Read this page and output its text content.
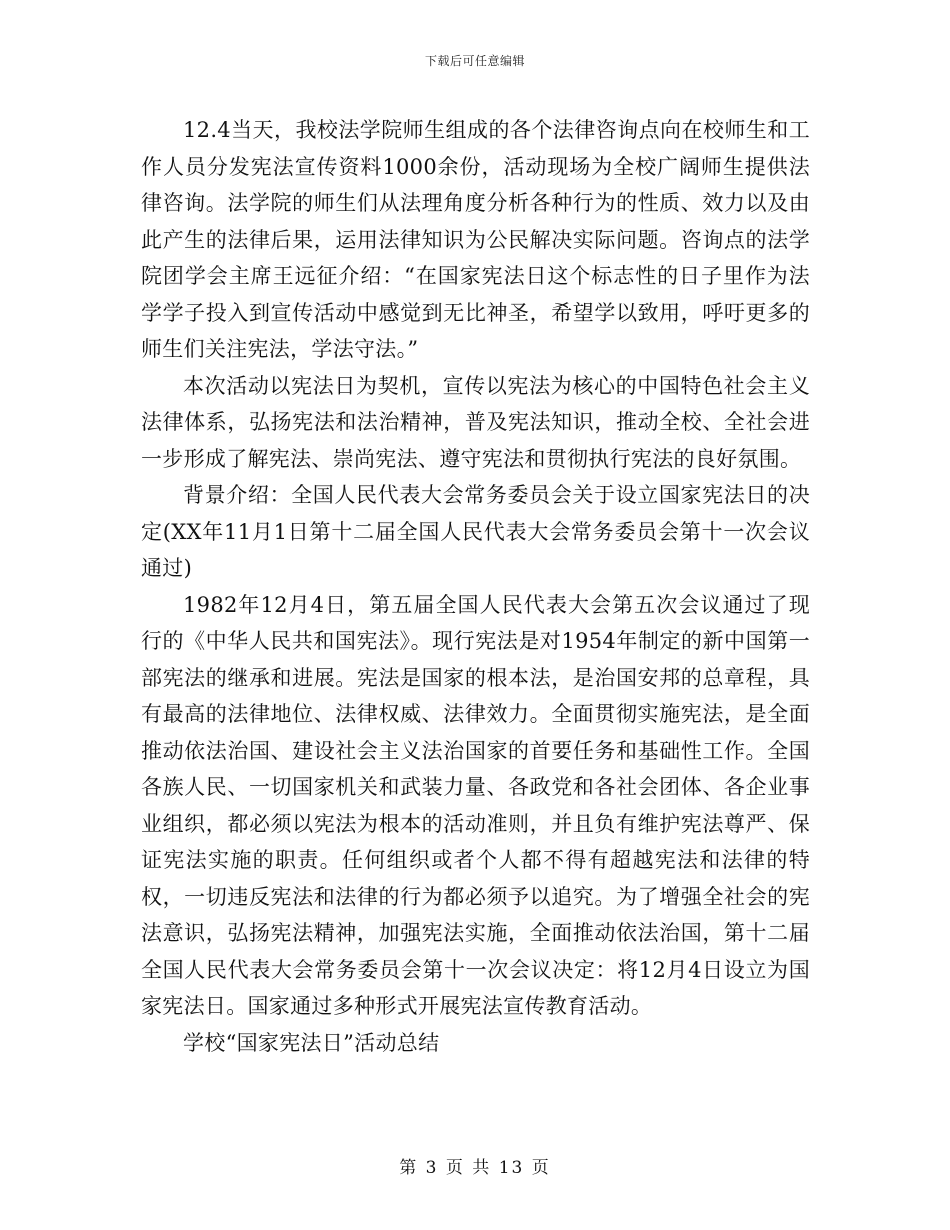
下载后可任意编辑

12.4当天，我校法学院师生组成的各个法律咨询点向在校师生和工作人员分发宪法宣传资料1000余份，活动现场为全校广阔师生提供法律咨询。法学院的师生们从法理角度分析各种行为的性质、效力以及由此产生的法律后果，运用法律知识为公民解决实际问题。咨询点的法学院团学会主席王远征介绍：“在国家宪法日这个标志性的日子里作为法学学子投入到宣传活动中感觉到无比神圣，希望学以致用，呼吁更多的师生们关注宪法，学法守法。”

本次活动以宪法日为契机，宣传以宪法为核心的中国特色社会主义法律体系，弘扬宪法和法治精神，普及宪法知识，推动全校、全社会进一步形成了解宪法、崇尚宪法、遵守宪法和贯彻执行宪法的良好氛围。

背景介绍：全国人民代表大会常务委员会关于设立国家宪法日的决定(XX年11月1日第十二届全国人民代表大会常务委员会第十一次会议通过)

1982年12月4日，第五届全国人民代表大会第五次会议通过了现行的《中华人民共和国宪法》。现行宪法是对1954年制定的新中国第一部宪法的继承和进展。宪法是国家的根本法，是治国安邦的总章程，具有最高的法律地位、法律权威、法律效力。全面贯彻实施宪法，是全面推动依法治国、建设社会主义法治国家的首要任务和基础性工作。全国各族人民、一切国家机关和武装力量、各政党和各社会团体、各企业事业组织，都必须以宪法为根本的活动准则，并且负有维护宪法尊严、保证宪法实施的职责。任何组织或者个人都不得有超越宪法和法律的特权，一切违反宪法和法律的行为都必须予以追究。为了增强全社会的宪法意识，弘扬宪法精神，加强宪法实施，全面推动依法治国，第十二届全国人民代表大会常务委员会第十一次会议决定：将12月4日设立为国家宪法日。国家通过多种形式开展宪法宣传教育活动。

学校“国家宪法日”活动总结

第 3 页 共 13 页
